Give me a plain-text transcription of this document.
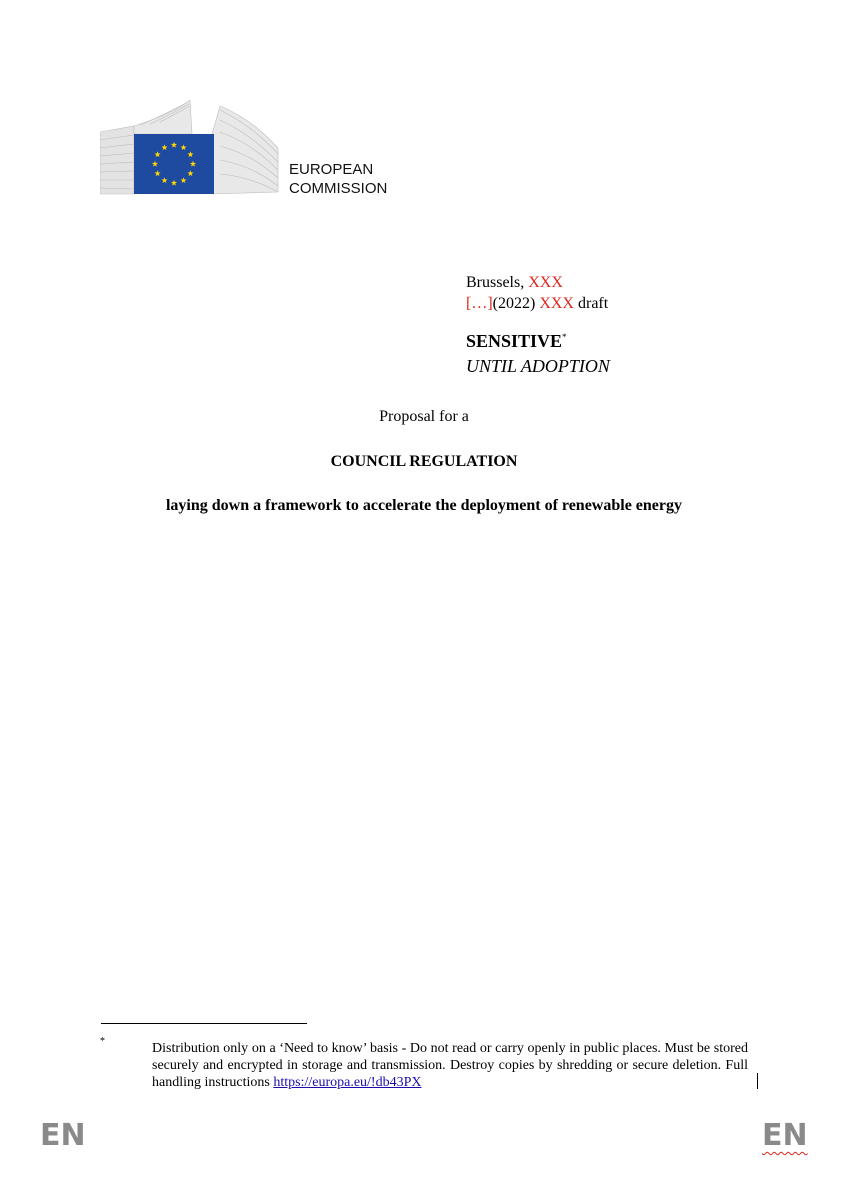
EUROPEAN
COMMISSION
Brussels, XXX
[…](2022) XXX draft
SENSITIVE*
UNTIL ADOPTION
Proposal for a
COUNCIL REGULATION
laying down a framework to accelerate the deployment of renewable energy
*	Distribution only on a ‘Need to know’ basis - Do not read or carry openly in public places. Must be stored securely and encrypted in storage and transmission. Destroy copies by shredding or secure deletion. Full handling instructions https://europa.eu/!db43PX
EN	EN
